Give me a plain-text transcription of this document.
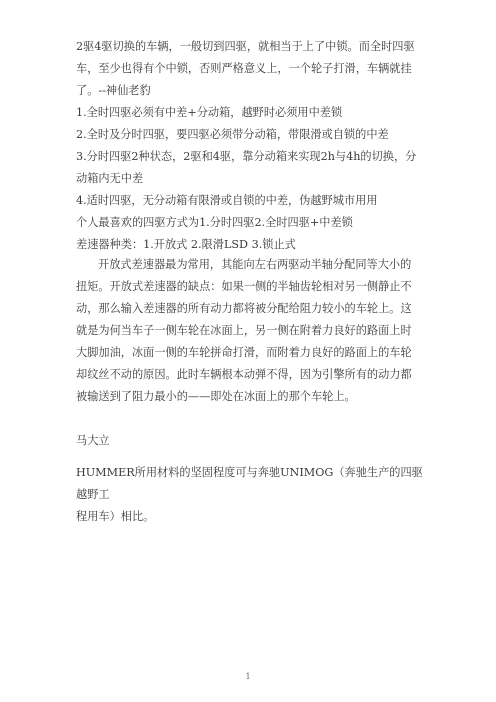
2驱4驱切换的车辆，一般切到四驱，就相当于上了中锁。而全时四驱

车，至少也得有个中锁，否则严格意义上，一个轮子打滑，车辆就挂

了。--神仙老豹

1.全时四驱必须有中差+分动箱，越野时必须用中差锁

2.全时及分时四驱，要四驱必须带分动箱，带限滑或自锁的中差

3.分时四驱2种状态，2驱和4驱，靠分动箱来实现2h与4h的切换，分

动箱内无中差

4.适时四驱，无分动箱有限滑或自锁的中差，伪越野城市用用

个人最喜欢的四驱方式为1.分时四驱2.全时四驱+中差锁

差速器种类：1.开放式 2.限滑LSD 3.锁止式

开放式差速器最为常用，其能向左右两驱动半轴分配同等大小的

扭矩。开放式差速器的缺点：如果一侧的半轴齿轮相对另一侧静止不

动，那么输入差速器的所有动力都将被分配给阻力较小的车轮上。这

就是为何当车子一侧车轮在冰面上，另一侧在附着力良好的路面上时

大脚加油，冰面一侧的车轮拼命打滑，而附着力良好的路面上的车轮

却纹丝不动的原因。此时车辆根本动弹不得，因为引擎所有的动力都

被输送到了阻力最小的——即处在冰面上的那个车轮上。

马大立

HUMMER所用材料的坚固程度可与奔驰UNIMOG（奔驰生产的四驱越野工

程用车）相比。

1
